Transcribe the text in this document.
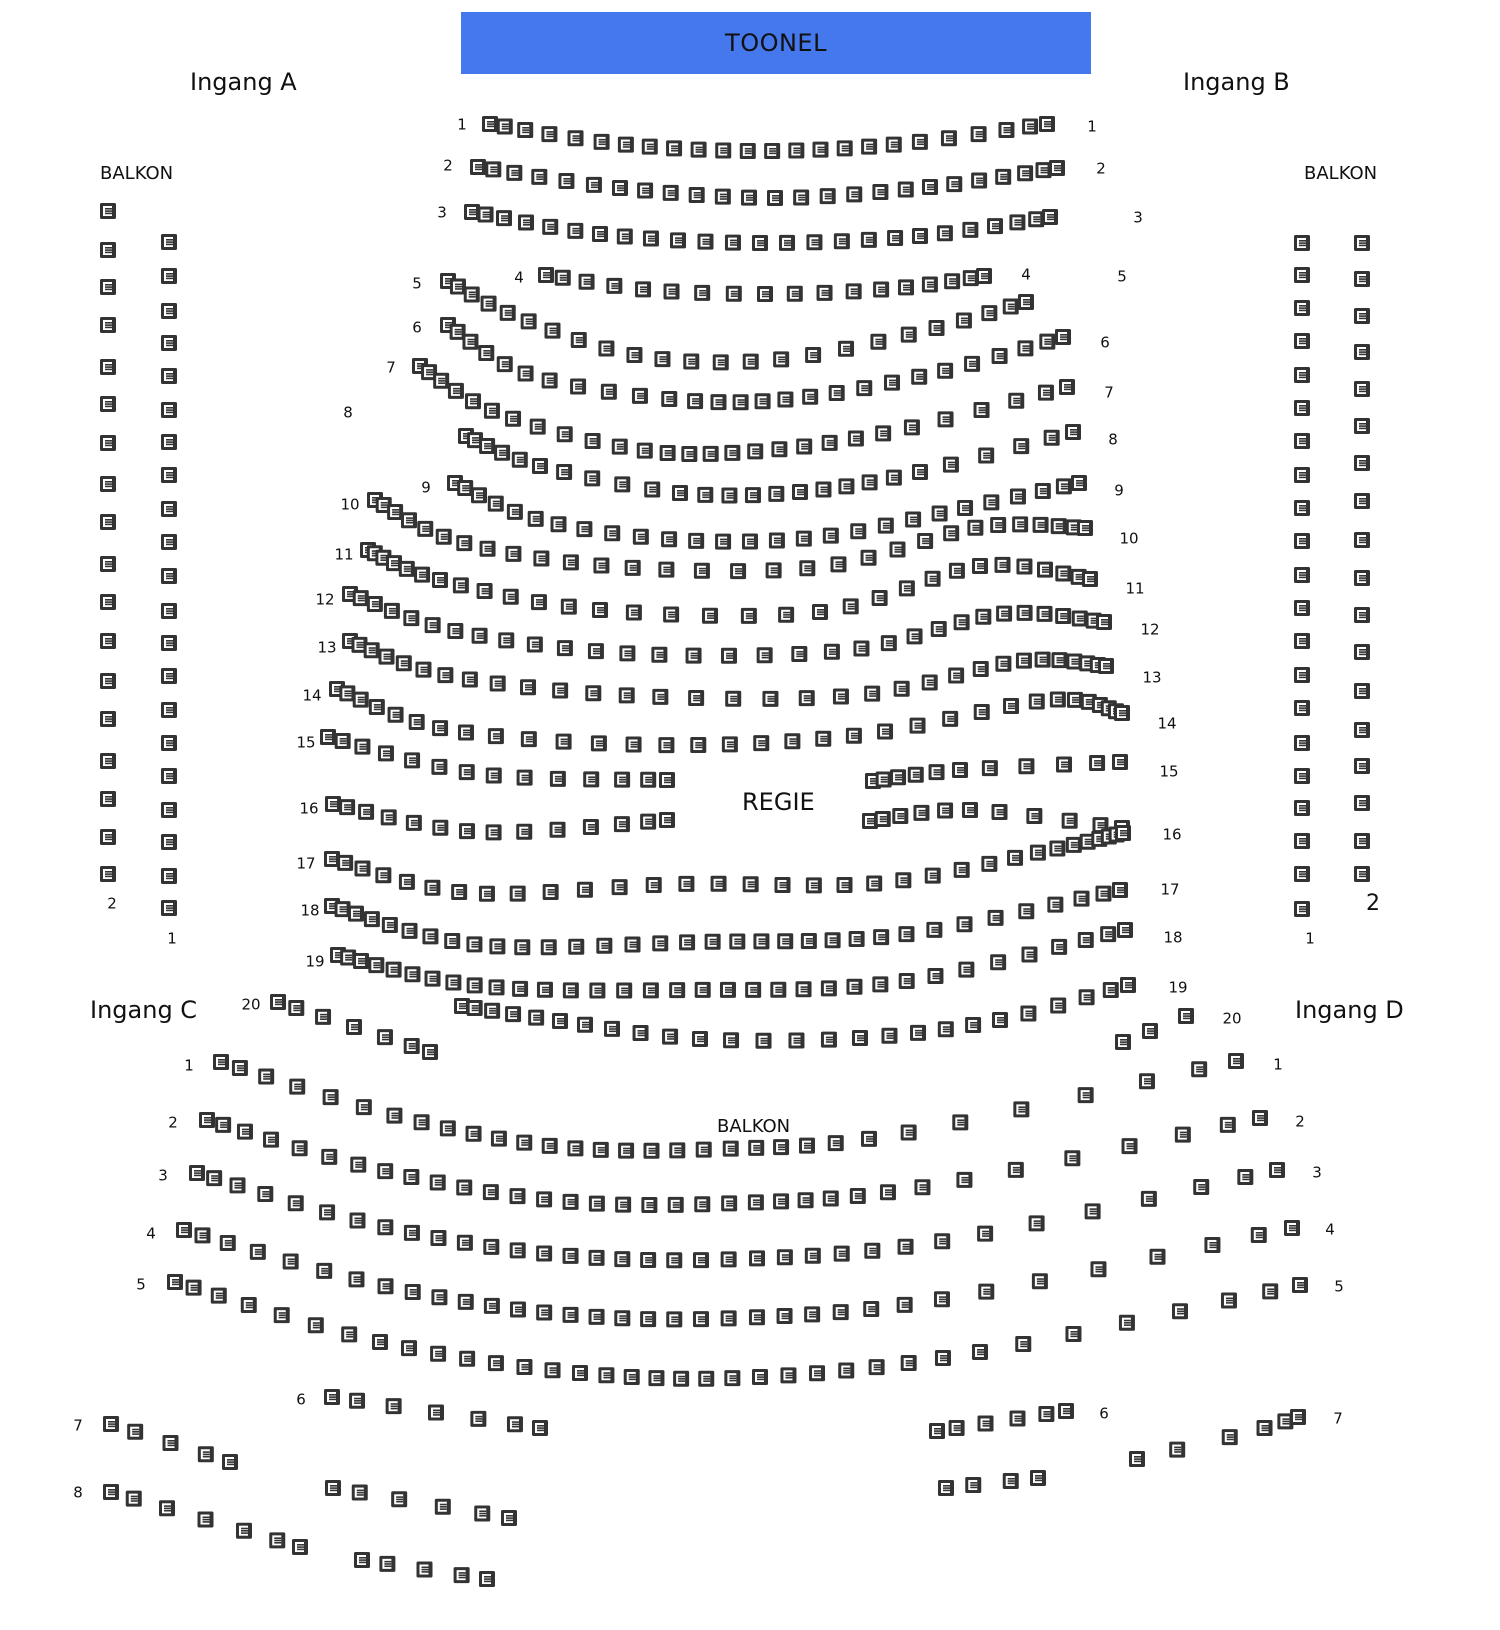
TOONEL
Ingang A	Ingang B
Ingang C	Ingang D
BALKON	BALKON
BALKON
REGIE
2
1
2
1
1
2
3
4
5
6
7
8
9
10
11
12
13
14
15
16
17
18
19
20
1
2
3
4	5
6
7
8
9
10
11
12
13
14
15
16
17
18
19
20
1
2
3
4
5
6
7
8
1
2
3
4
5
6	7
